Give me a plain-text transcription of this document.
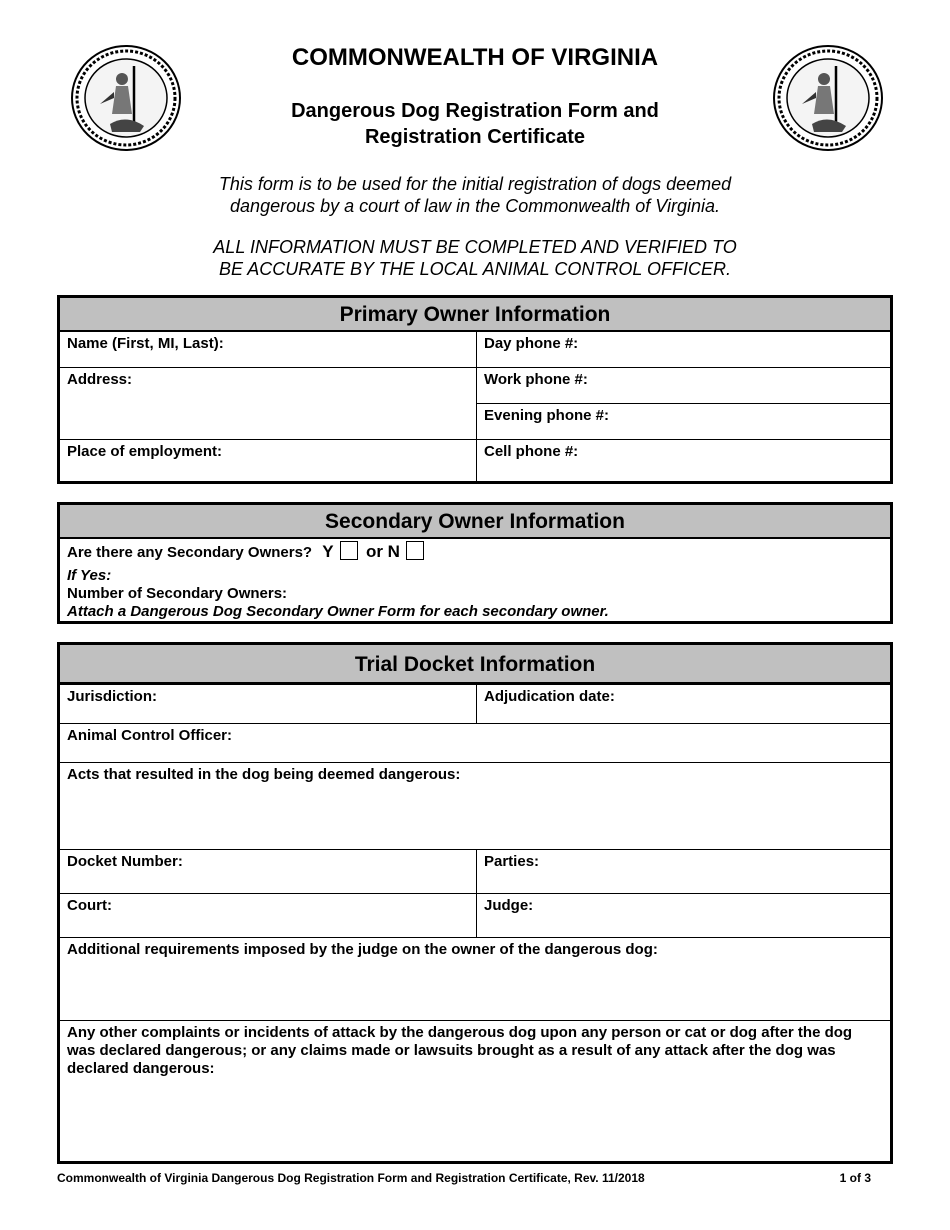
COMMONWEALTH OF VIRGINIA
Dangerous Dog Registration Form and
Registration Certificate
This form is to be used for the initial registration of dogs deemed
dangerous by a court of law in the Commonwealth of Virginia.
ALL INFORMATION MUST BE COMPLETED AND VERIFIED TO
BE ACCURATE BY THE LOCAL ANIMAL CONTROL OFFICER.
Primary Owner Information
Name (First, MI, Last):	Day phone #:
Address:	Work phone #:
Evening phone #:
Place of employment:	Cell phone #:
Secondary Owner Information
Are there any Secondary Owners? Y or N
If Yes:
Number of Secondary Owners:
Attach a Dangerous Dog Secondary Owner Form for each secondary owner.
Trial Docket Information
Jurisdiction:	Adjudication date:
Animal Control Officer:
Acts that resulted in the dog being deemed dangerous:
Docket Number:	Parties:
Court:	Judge:
Additional requirements imposed by the judge on the owner of the dangerous dog:
Any other complaints or incidents of attack by the dangerous dog upon any person or cat or dog after the dog was declared dangerous; or any claims made or lawsuits brought as a result of any attack after the dog was declared dangerous:
Commonwealth of Virginia Dangerous Dog Registration Form and Registration Certificate, Rev. 11/2018	1 of 3
